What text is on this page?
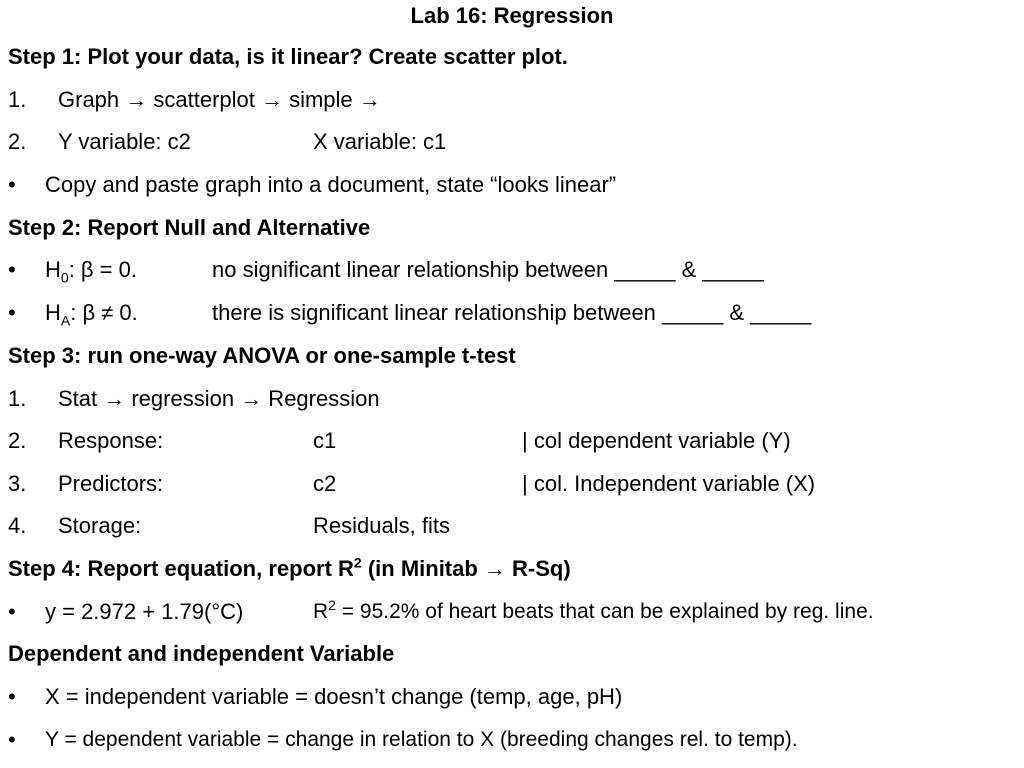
Lab 16: Regression
Step 1: Plot your data, is it linear? Create scatter plot.
1. Graph → scatterplot → simple →
2. Y variable: c2	X variable: c1
• Copy and paste graph into a document, state “looks linear”
Step 2: Report Null and Alternative
• $H_0$: β = 0.	no significant linear relationship between _____ & _____
• $H_A$: β ≠ 0.	there is significant linear relationship between _____ & _____
Step 3: run one-way ANOVA or one-sample t-test
1. Stat → regression → Regression
2. Response:	c1	| col dependent variable (Y)
3. Predictors:	c2	| col. Independent variable (X)
4. Storage:	Residuals, fits
Step 4: Report equation, report $R^2$ (in Minitab → R-Sq)
• y = 2.972 + 1.79(°C)	$R^2 = 95.2\%$ of heart beats that can be explained by reg. line.
Dependent and independent Variable
• X = independent variable = doesn’t change (temp, age, pH)
• Y = dependent variable = change in relation to X (breeding changes rel. to temp).
